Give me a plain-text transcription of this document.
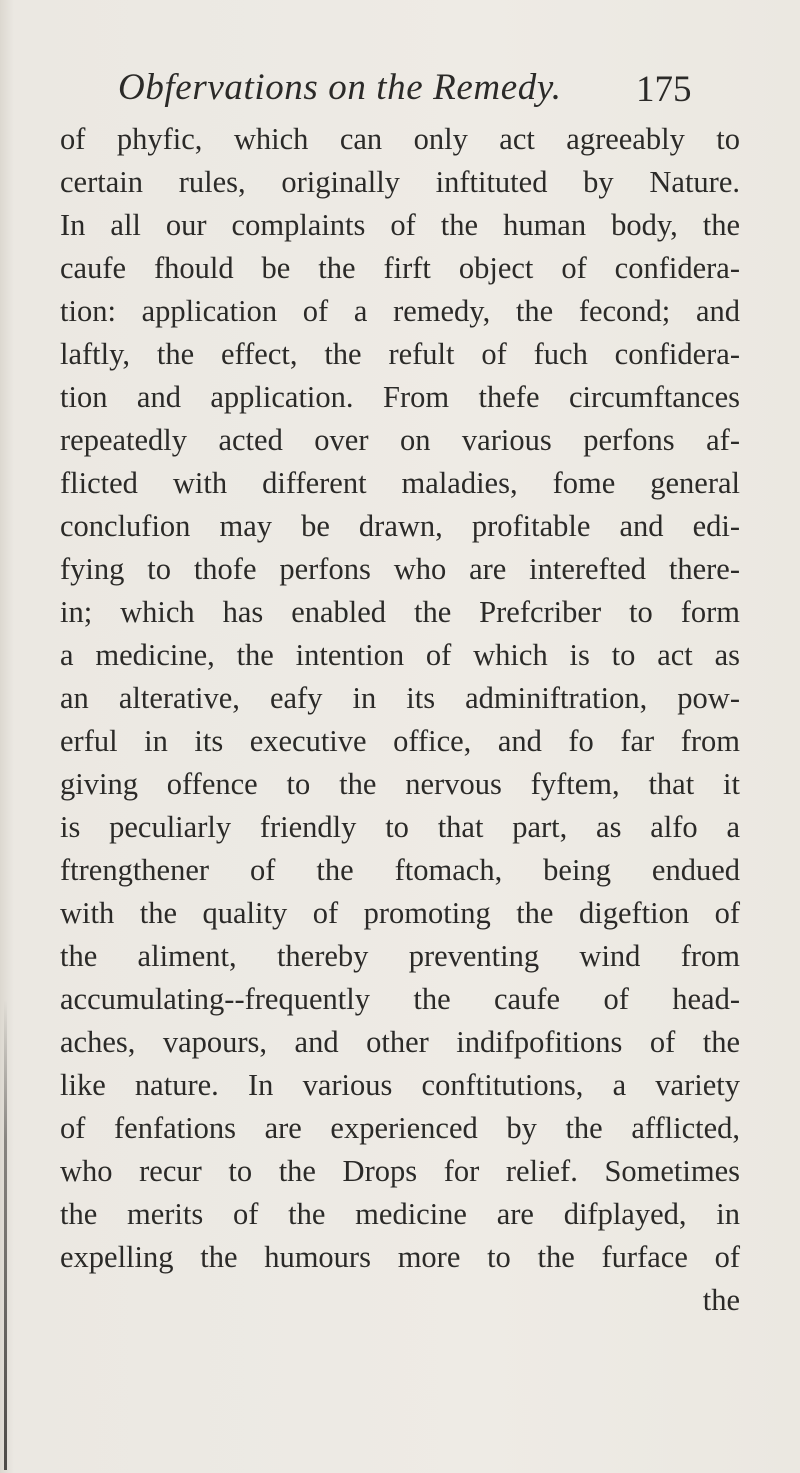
Obfervations on the Remedy. 175
of phyfic, which can only act agreeably to
certain rules, originally inftituted by Nature.
In all our complaints of the human body, the
caufe fhould be the firft object of confidera-
tion: application of a remedy, the fecond; and
laftly, the effect, the refult of fuch confidera-
tion and application. From thefe circumftances
repeatedly acted over on various perfons af-
flicted with different maladies, fome general
conclufion may be drawn, profitable and edi-
fying to thofe perfons who are interefted there-
in; which has enabled the Prefcriber to form
a medicine, the intention of which is to act as
an alterative, eafy in its adminiftration, pow-
erful in its executive office, and fo far from
giving offence to the nervous fyftem, that it
is peculiarly friendly to that part, as alfo a
ftrengthener of the ftomach, being endued
with the quality of promoting the digeftion of
the aliment, thereby preventing wind from
accumulating--frequently the caufe of head-
aches, vapours, and other indifpofitions of the
like nature. In various conftitutions, a variety
of fenfations are experienced by the afflicted,
who recur to the Drops for relief. Sometimes
the merits of the medicine are difplayed, in
expelling the humours more to the furface of
the
